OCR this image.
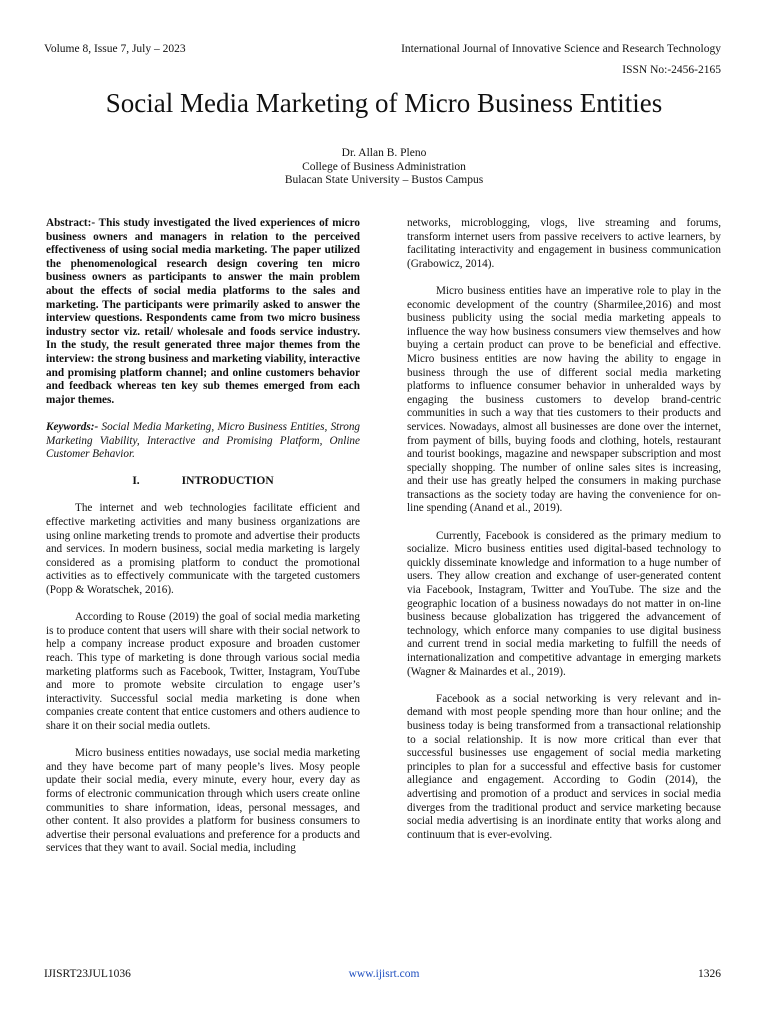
Volume 8, Issue 7, July – 2023	International Journal of Innovative Science and Research Technology
ISSN No:-2456-2165
Social Media Marketing of Micro Business Entities
Dr. Allan B. Pleno
College of Business Administration
Bulacan State University – Bustos Campus

Abstract:- This study investigated the lived experiences of micro business owners and managers in relation to the perceived effectiveness of using social media marketing. The paper utilized the phenomenological research design covering ten micro business owners as participants to answer the main problem about the effects of social media platforms to the sales and marketing. The participants were primarily asked to answer the interview questions. Respondents came from two micro business industry sector viz. retail/ wholesale and foods service industry. In the study, the result generated three major themes from the interview: the strong business and marketing viability, interactive and promising platform channel; and online customers behavior and feedback whereas ten key sub themes emerged from each major themes.

Keywords:- Social Media Marketing, Micro Business Entities, Strong Marketing Viability, Interactive and Promising Platform, Online Customer Behavior.

I.	INTRODUCTION

The internet and web technologies facilitate efficient and effective marketing activities and many business organizations are using online marketing trends to promote and advertise their products and services. In modern business, social media marketing is largely considered as a promising platform to conduct the promotional activities as to effectively communicate with the targeted customers (Popp & Woratschek, 2016).

According to Rouse (2019) the goal of social media marketing is to produce content that users will share with their social network to help a company increase product exposure and broaden customer reach. This type of marketing is done through various social media marketing platforms such as Facebook, Twitter, Instagram, YouTube and more to promote website circulation to engage user’s interactivity. Successful social media marketing is done when companies create content that entice customers and others audience to share it on their social media outlets.

Micro business entities nowadays, use social media marketing and they have become part of many people’s lives. Mosy people update their social media, every minute, every hour, every day as forms of electronic communication through which users create online communities to share information, ideas, personal messages, and other content. It also provides a platform for business consumers to advertise their personal evaluations and preference for a products and services that they want to avail. Social media, including

networks, microblogging, vlogs, live streaming and forums, transform internet users from passive receivers to active learners, by facilitating interactivity and engagement in business communication (Grabowicz, 2014).

Micro business entities have an imperative role to play in the economic development of the country (Sharmilee,2016) and most business publicity using the social media marketing appeals to influence the way how business consumers view themselves and how buying a certain product can prove to be beneficial and effective. Micro business entities are now having the ability to engage in business through the use of different social media marketing platforms to influence consumer behavior in unheralded ways by engaging the business customers to develop brand-centric communities in such a way that ties customers to their products and services. Nowadays, almost all businesses are done over the internet, from payment of bills, buying foods and clothing, hotels, restaurant and tourist bookings, magazine and newspaper subscription and most specially shopping. The number of online sales sites is increasing, and their use has greatly helped the consumers in making purchase transactions as the society today are having the convenience for on-line spending (Anand et al., 2019).

Currently, Facebook is considered as the primary medium to socialize. Micro business entities used digital-based technology to quickly disseminate knowledge and information to a huge number of users. They allow creation and exchange of user-generated content via Facebook, Instagram, Twitter and YouTube. The size and the geographic location of a business nowadays do not matter in on-line business because globalization has triggered the advancement of technology, which enforce many companies to use digital business and current trend in social media marketing to fulfill the needs of internationalization and competitive advantage in emerging markets (Wagner & Mainardes et al., 2019).

Facebook as a social networking is very relevant and in-demand with most people spending more than hour online; and the business today is being transformed from a transactional relationship to a social relationship. It is now more critical than ever that successful businesses use engagement of social media marketing principles to plan for a successful and effective basis for customer allegiance and engagement. According to Godin (2014), the advertising and promotion of a product and services in social media diverges from the traditional product and service marketing because social media advertising is an inordinate entity that works along and continuum that is ever-evolving.

IJISRT23JUL1036	www.ijisrt.com	1326
